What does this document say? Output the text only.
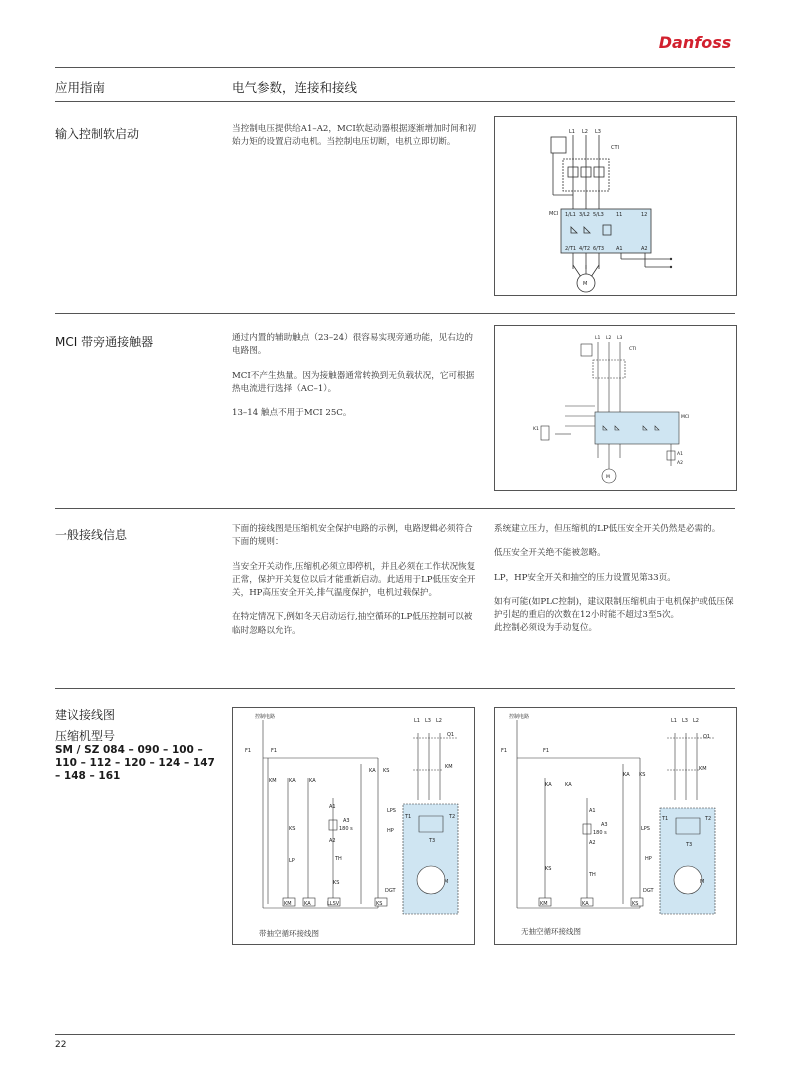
Danfoss
应用指南	电气参数，连接和接线
输入控制软启动	当控制电压提供给A1–A2，MCI软起动器根据逐渐增加时间和初始力矩的设置启动电机。当控制电压切断，电机立即切断。

L1 L2 L3
CTI
MCI 1/L1 3/L2 5/L3
2/T1 4/T2 6/T3
11	12
A1	A2
M
MCI 带旁通接触器	通过内置的辅助触点（23–24）很容易实现旁通功能，见右边的电路图。

MCI不产生热量。因为接触器通常转换到无负载状况，它可根据热电流进行选择（AC–1）。

13–14 触点不用于MCI 25C。

L1 L2 L3
CTI
MCI
M
A1
A2
K1
一般接线信息	下面的接线图是压缩机安全保护电路的示例，电路逻辑必须符合下面的规则：

当安全开关动作,压缩机必须立即停机，并且必须在工作状况恢复正常，保护开关复位以后才能重新启动。此适用于LP低压安全开关，HP高压安全开关,排气温度保护，电机过载保护。

在特定情况下,例如冬天启动运行,抽空循环的LP低压控制可以被临时忽略以允许。

系统建立压力，但压缩机的LP低压安全开关仍然是必需的。

低压安全开关绝不能被忽略。

LP，HP安全开关和抽空的压力设置见第33页。

如有可能(如PLC控制)，建议限制压缩机由于电机保护或低压保护引起的重启的次数在12小时能不超过3至5次。

此控制必须设为手动复位。

建议接线图
压缩机型号
SM / SZ 084 – 090 – 100 –
110 – 112 – 120 – 124 – 147
– 148 – 161
控制电路
L1 L3 L2
Q1
F1	F1
KM KA	KA
KA KS
LPS
KM
A1
A3
180 s
A2
HP
T1	T2
T3
KS
TH
LP
KS
DGT
M
KM KA	LLSV	KS
带抽空循环接线图
控制电路
L1 L3 L2
Q1
F1	F1
KA KS
KM
KA	KA
A1
LPS
A3
180 s
A2
HP
T1	T2
T3
KS
TH
DGT
M
KM	KA	KS
无抽空循环接线图
22
